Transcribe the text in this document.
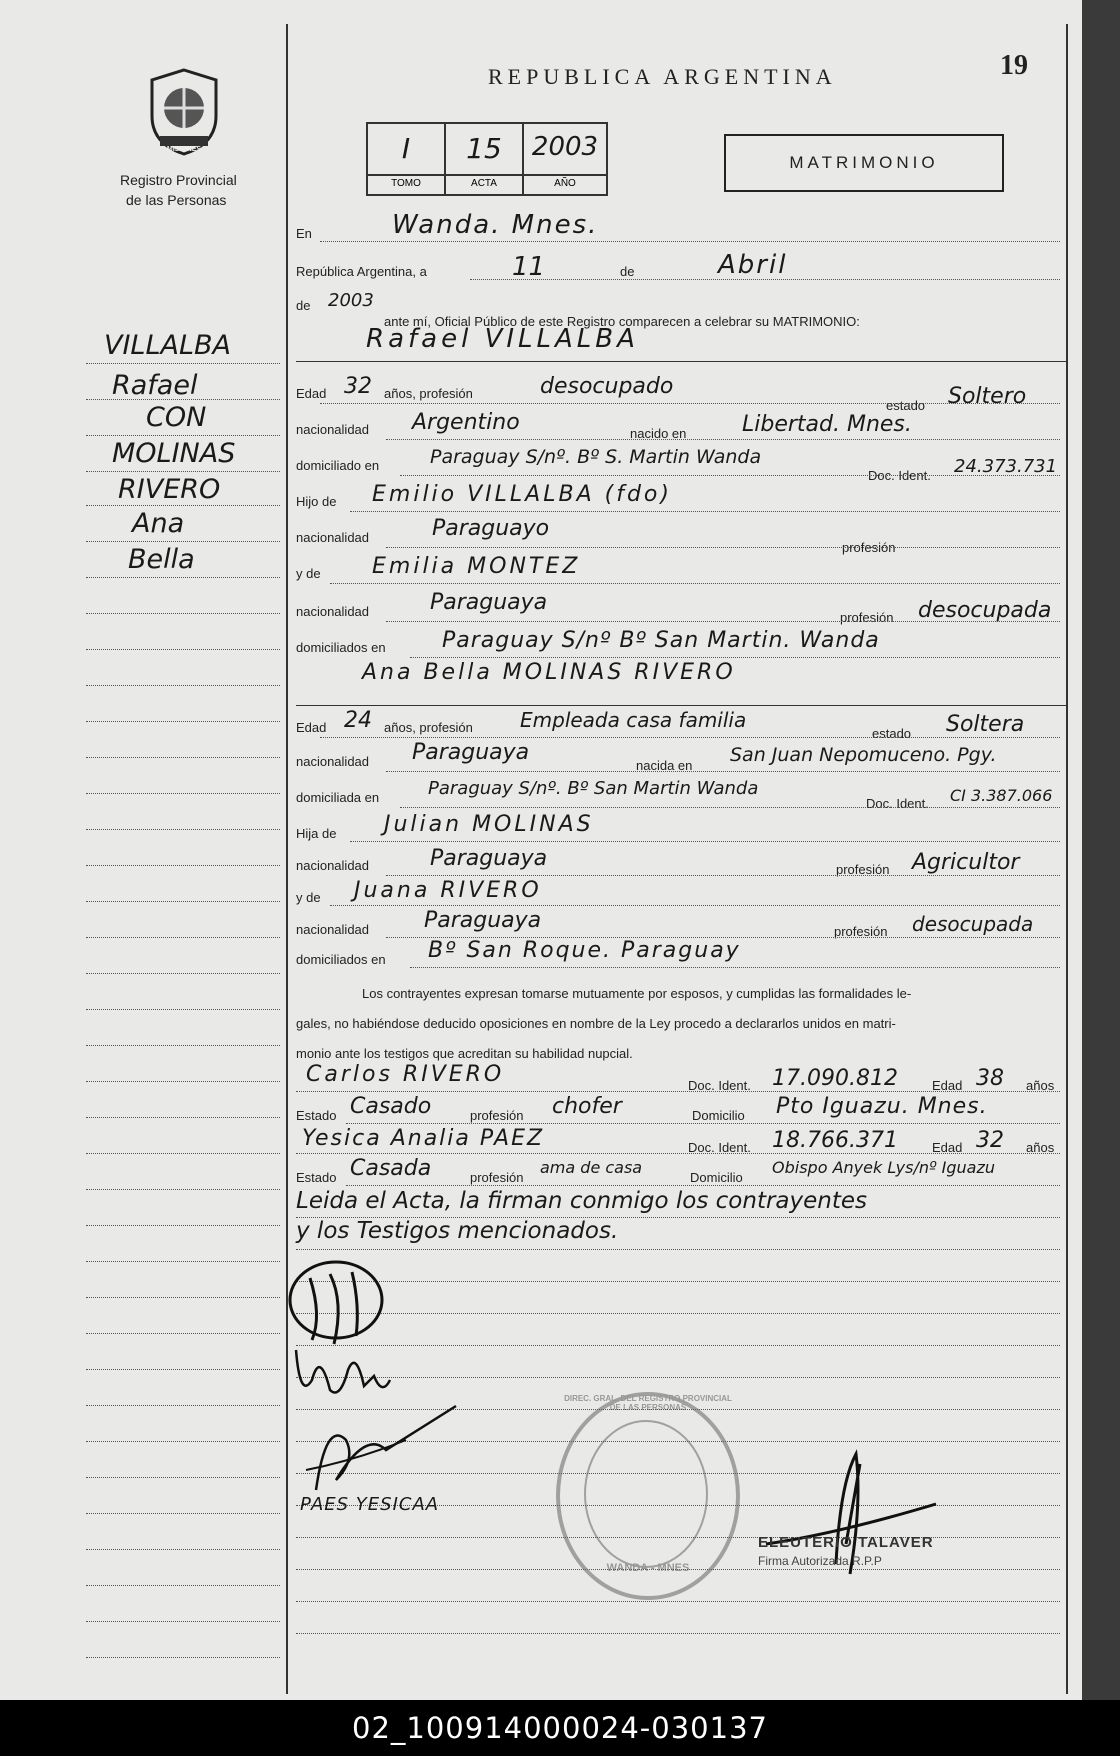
MISIONES
Registro Provincial
de las Personas
REPUBLICA ARGENTINA	19
I	15	2003
TOMO	ACTA	AÑO
MATRIMONIO
VILLALBA
Rafael
CON
MOLINAS
RIVERO
Ana
Bella
En	Wanda. Mnes.
República Argentina, a	11	de	Abril
de 2003
ante mí, Oficial Público de este Registro comparecen a celebrar su MATRIMONIO:
Rafael VILLALBA
Edad 32 años, profesión	desocupado
estado Soltero
nacionalidad Argentino	nacido en	Libertad. Mnes.
domiciliado en	Paraguay S/nº. Bº S. Martin Wanda
Doc. Ident. 24.373.731
Hijo de Emilio VILLALBA (fdo)
nacionalidad	Paraguayo
profesión
y de Emilia MONTEZ
nacionalidad	Paraguaya
profesión desocupada
domiciliados en	Paraguay S/nº Bº San Martin. Wanda
Ana Bella MOLINAS RIVERO
Edad 24 años, profesión Empleada casa familia
estado Soltera
nacionalidad Paraguaya
nacida en San Juan Nepomuceno. Pgy.
domiciliada en	Paraguay S/nº. Bº San Martin Wanda
Doc. Ident. CI 3.387.066
Hija de Julian MOLINAS
nacionalidad	Paraguaya	profesión Agricultor
y de Juana RIVERO
nacionalidad Paraguaya	profesión desocupada
domiciliados en Bº San Roque. Paraguay
Los contrayentes expresan tomarse mutuamente por esposos, y cumplidas las formalidades le-
gales, no habiéndose deducido oposiciones en nombre de la Ley procedo a declararlos unidos en matri-
monio ante los testigos que acreditan su habilidad nupcial.
Carlos RIVERO	Doc. Ident. 17.090.812	Edad 38 años
Estado Casado	profesión chofer	Domicilio Pto Iguazu. Mnes.
Yesica Analia PAEZ	Doc. Ident. 18.766.371	Edad 32 años
Estado Casada	profesión
ama de casa
Domicilio
Obispo Anyek Lys/nº Iguazu
Leida el Acta, la firman conmigo los contrayentes
y los Testigos mencionados.
PAES YESICAA
DIREC. GRAL. DEL REGISTRO PROVINCIAL DE LAS PERSONAS
WANDA - MNES
ELEUTERIO TALAVER
Firma Autorizada R.P.P
02_100914000024-030137
